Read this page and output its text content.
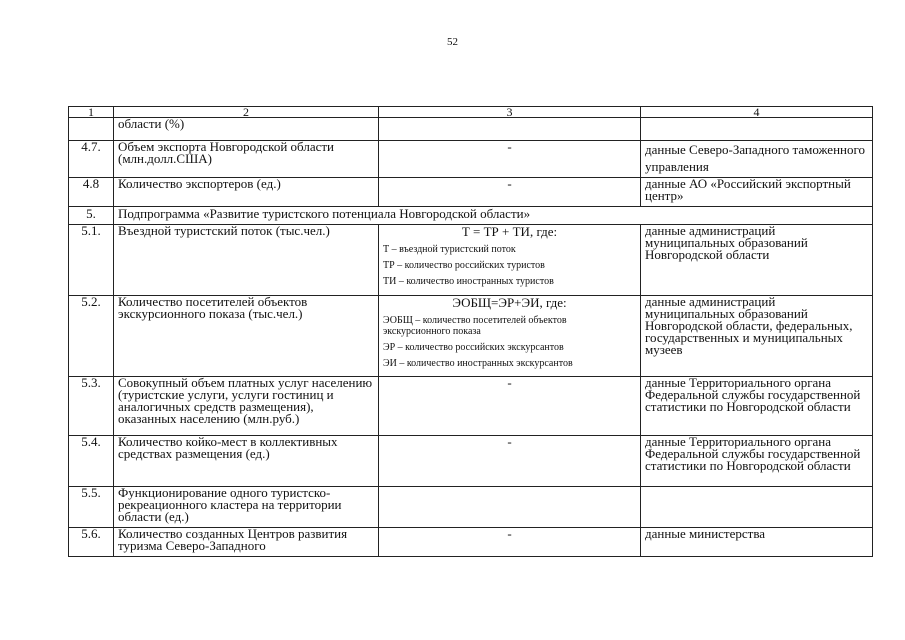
52
1	2	3	4
	области (%)		
4.7.	Объем экспорта Новгородской области (млн.долл.США)	-	данные Северо-Западного таможенного управления
4.8	Количество экспортеров (ед.)	-	данные АО «Российский экспортный центр»
5.	Подпрограмма «Развитие туристского потенциала Новгородской области»		
5.1.	Въездной туристский поток (тыс.чел.)	Т = ТР + ТИ, где:
Т – въездной туристский поток
ТР – количество российских туристов
ТИ – количество иностранных туристов	данные администраций муниципальных образований Новгородской области
5.2.	Количество посетителей объектов экскурсионного показа (тыс.чел.)	ЭОБЩ=ЭР+ЭИ, где:
ЭОБЩ – количество посетителей объектов экскурсионного показа
ЭР – количество российских экскурсантов
ЭИ – количество иностранных экскурсантов	данные администраций муниципальных образований Новгородской области, федеральных, государственных и муниципальных музеев
5.3.	Совокупный объем платных услуг населению (туристские услуги, услуги гостиниц и аналогичных средств размещения), оказанных населению (млн.руб.)	-	данные Территориального органа Федеральной службы государственной статистики по Новгородской области
5.4.	Количество койко-мест в коллективных средствах размещения (ед.)	-	данные Территориального органа Федеральной службы государственной статистики по Новгородской области
5.5.	Функционирование одного туристско-рекреационного кластера на территории области (ед.)		
5.6.	Количество созданных Центров развития туризма Северо-Западного	-	данные министерства
